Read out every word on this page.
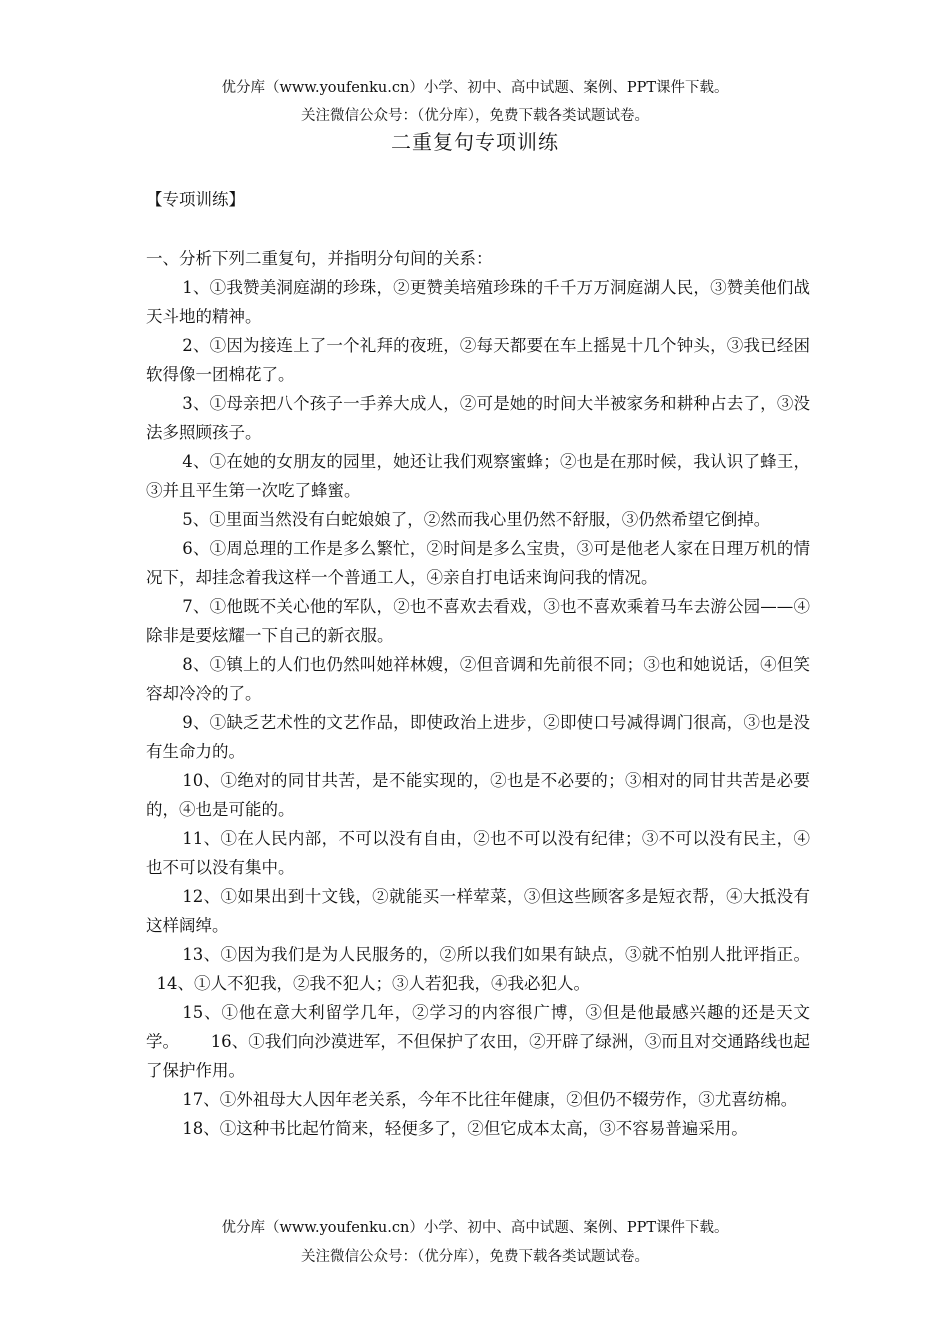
优分库（www.youfenku.cn）小学、初中、高中试题、案例、PPT课件下载。
关注微信公众号：（优分库），免费下载各类试题试卷。
二重复句专项训练
【专项训练】

一、分析下列二重复句，并指明分句间的关系：

1、①我赞美洞庭湖的珍珠，②更赞美培殖珍珠的千千万万洞庭湖人民，③赞美他们战天斗地的精神。

2、①因为接连上了一个礼拜的夜班，②每天都要在车上摇晃十几个钟头，③我已经困软得像一团棉花了。

3、①母亲把八个孩子一手养大成人，②可是她的时间大半被家务和耕种占去了，③没法多照顾孩子。

4、①在她的女朋友的园里，她还让我们观察蜜蜂；②也是在那时候，我认识了蜂王，③并且平生第一次吃了蜂蜜。

5、①里面当然没有白蛇娘娘了，②然而我心里仍然不舒服，③仍然希望它倒掉。

6、①周总理的工作是多么繁忙，②时间是多么宝贵，③可是他老人家在日理万机的情况下，却挂念着我这样一个普通工人，④亲自打电话来询问我的情况。

7、①他既不关心他的军队，②也不喜欢去看戏，③也不喜欢乘着马车去游公园——④除非是要炫耀一下自己的新衣服。

8、①镇上的人们也仍然叫她祥林嫂，②但音调和先前很不同；③也和她说话，④但笑容却冷冷的了。

9、①缺乏艺术性的文艺作品，即使政治上进步，②即使口号减得调门很高，③也是没有生命力的。

10、①绝对的同甘共苦，是不能实现的，②也是不必要的；③相对的同甘共苦是必要的，④也是可能的。

11、①在人民内部，不可以没有自由，②也不可以没有纪律；③不可以没有民主，④也不可以没有集中。

12、①如果出到十文钱，②就能买一样荤菜，③但这些顾客多是短衣帮，④大抵没有这样阔绰。

13、①因为我们是为人民服务的，②所以我们如果有缺点，③就不怕别人批评指正。  14、①人不犯我，②我不犯人；③人若犯我，④我必犯人。

15、①他在意大利留学几年，②学习的内容很广博，③但是他最感兴趣的还是天文学。 16、①我们向沙漠进军，不但保护了农田，②开辟了绿洲，③而且对交通路线也起了保护作用。

17、①外祖母大人因年老关系，今年不比往年健康，②但仍不辍劳作，③尤喜纺棉。

18、①这种书比起竹简来，轻便多了，②但它成本太高，③不容易普遍采用。

优分库（www.youfenku.cn）小学、初中、高中试题、案例、PPT课件下载。
关注微信公众号：（优分库），免费下载各类试题试卷。
